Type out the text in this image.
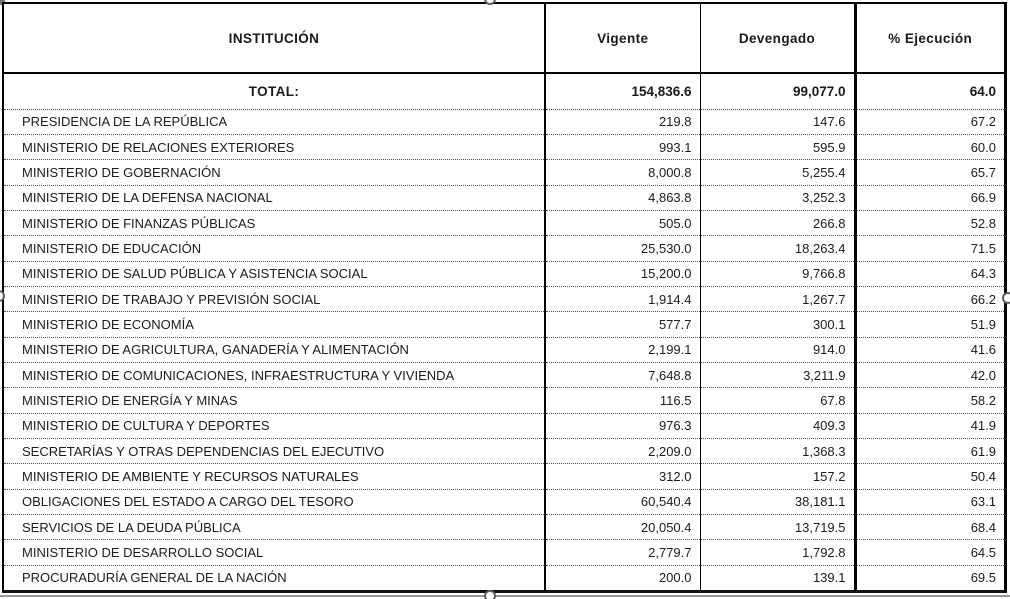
INSTITUCIÓN	Vigente	Devengado	% Ejecución
TOTAL:	154,836.6	99,077.0	64.0
PRESIDENCIA DE LA REPÚBLICA	219.8	147.6	67.2
MINISTERIO DE RELACIONES EXTERIORES	993.1	595.9	60.0
MINISTERIO DE GOBERNACIÓN	8,000.8	5,255.4	65.7
MINISTERIO DE LA DEFENSA NACIONAL	4,863.8	3,252.3	66.9
MINISTERIO DE FINANZAS PÚBLICAS	505.0	266.8	52.8
MINISTERIO DE EDUCACIÓN	25,530.0	18,263.4	71.5
MINISTERIO DE SALUD PÚBLICA Y ASISTENCIA SOCIAL	15,200.0	9,766.8	64.3
MINISTERIO DE TRABAJO Y PREVISIÓN SOCIAL	1,914.4	1,267.7	66.2
MINISTERIO DE ECONOMÍA	577.7	300.1	51.9
MINISTERIO DE AGRICULTURA, GANADERÍA Y ALIMENTACIÓN	2,199.1	914.0	41.6
MINISTERIO DE COMUNICACIONES, INFRAESTRUCTURA Y VIVIENDA	7,648.8	3,211.9	42.0
MINISTERIO DE ENERGÍA Y MINAS	116.5	67.8	58.2
MINISTERIO DE CULTURA Y DEPORTES	976.3	409.3	41.9
SECRETARÍAS Y OTRAS DEPENDENCIAS DEL EJECUTIVO	2,209.0	1,368.3	61.9
MINISTERIO DE AMBIENTE Y RECURSOS NATURALES	312.0	157.2	50.4
OBLIGACIONES DEL ESTADO A CARGO DEL TESORO	60,540.4	38,181.1	63.1
SERVICIOS DE LA DEUDA PÚBLICA	20,050.4	13,719.5	68.4
MINISTERIO DE DESARROLLO SOCIAL	2,779.7	1,792.8	64.5
PROCURADURÍA GENERAL DE LA NACIÓN	200.0	139.1	69.5
